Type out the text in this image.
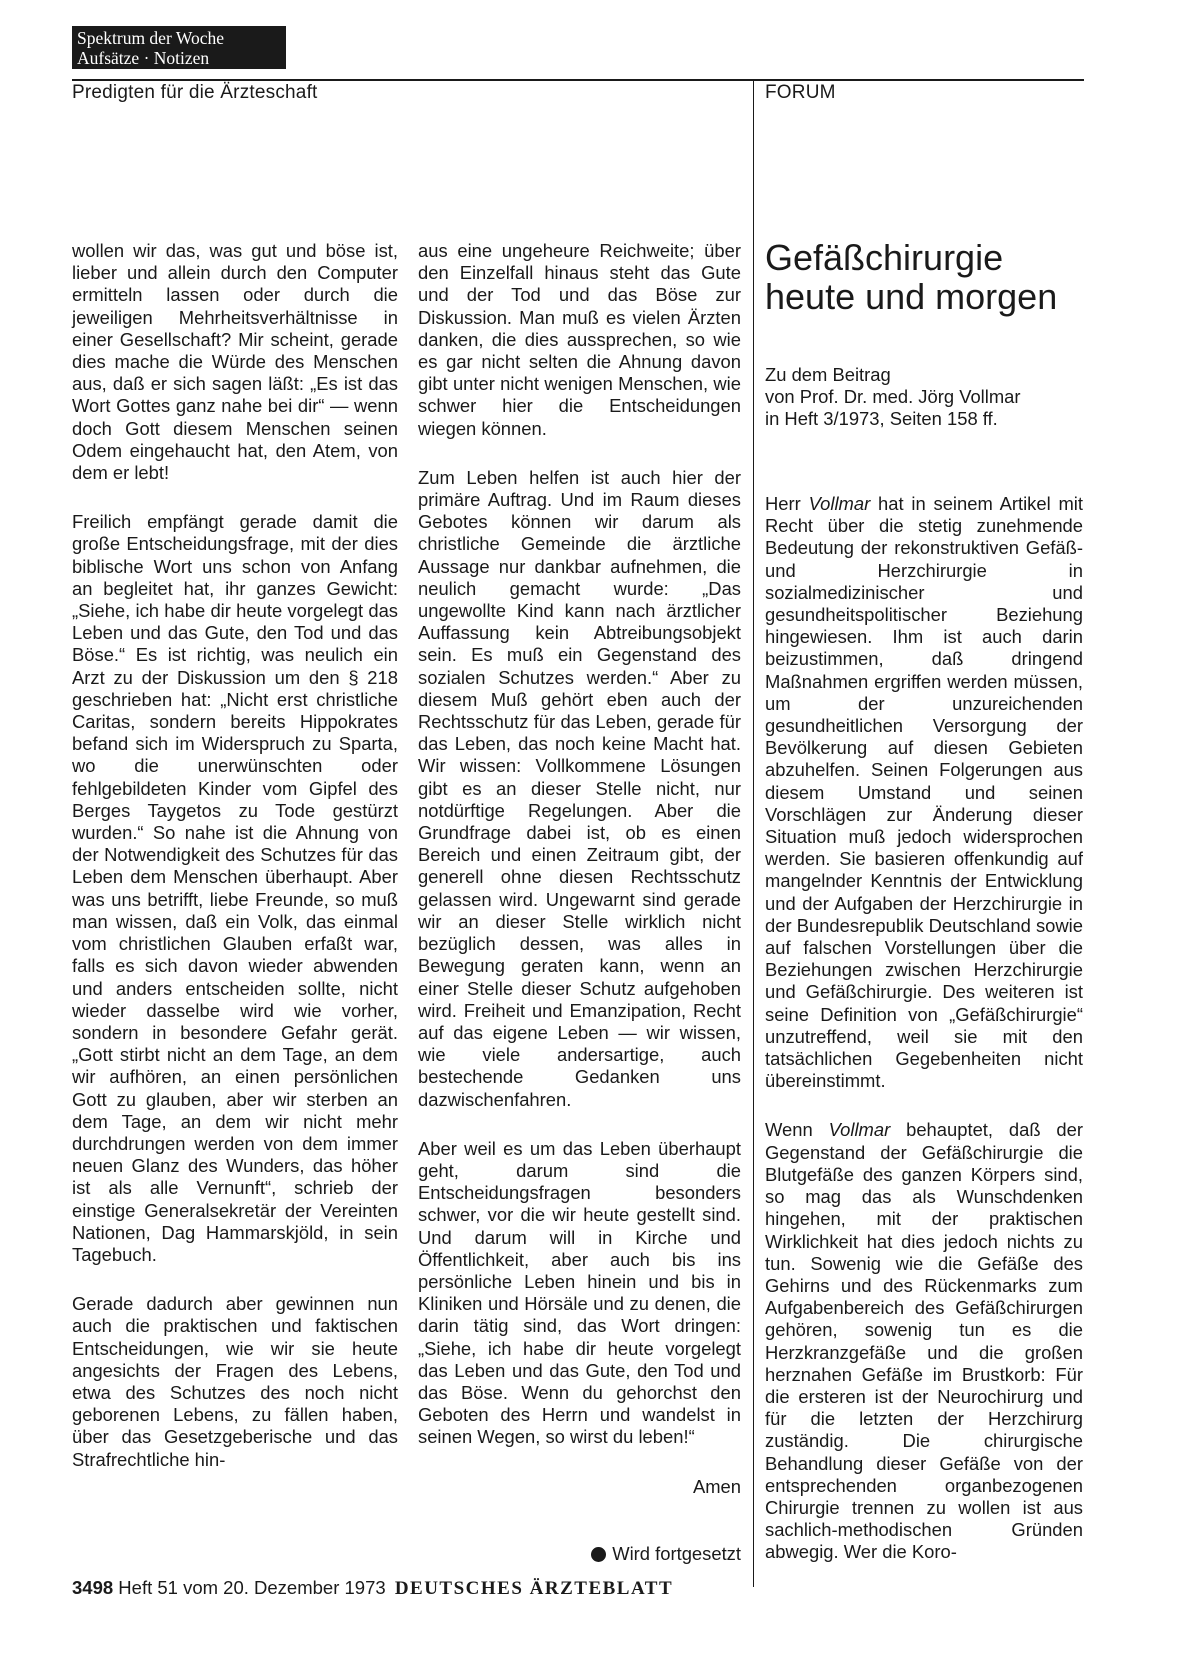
Spektrum der Woche
Aufsätze · Notizen
Predigten für die Ärzteschaft	FORUM

wollen wir das, was gut und böse ist, lieber und allein durch den Computer ermitteln lassen oder durch die jeweiligen Mehrheitsverhältnisse in einer Gesellschaft? Mir scheint, gerade dies mache die Würde des Menschen aus, daß er sich sagen läßt: „Es ist das Wort Gottes ganz nahe bei dir“ — wenn doch Gott diesem Menschen seinen Odem eingehaucht hat, den Atem, von dem er lebt!

Freilich empfängt gerade damit die große Entscheidungsfrage, mit der dies biblische Wort uns schon von Anfang an begleitet hat, ihr ganzes Gewicht: „Siehe, ich habe dir heute vorgelegt das Leben und das Gute, den Tod und das Böse.“ Es ist richtig, was neulich ein Arzt zu der Diskussion um den § 218 geschrieben hat: „Nicht erst christliche Caritas, sondern bereits Hippokrates befand sich im Widerspruch zu Sparta, wo die unerwünschten oder fehlgebildeten Kinder vom Gipfel des Berges Taygetos zu Tode gestürzt wurden.“ So nahe ist die Ahnung von der Notwendigkeit des Schutzes für das Leben dem Menschen überhaupt. Aber was uns betrifft, liebe Freunde, so muß man wissen, daß ein Volk, das einmal vom christlichen Glauben erfaßt war, falls es sich davon wieder abwenden und anders entscheiden sollte, nicht wieder dasselbe wird wie vorher, sondern in besondere Gefahr gerät. „Gott stirbt nicht an dem Tage, an dem wir aufhören, an einen persönlichen Gott zu glauben, aber wir sterben an dem Tage, an dem wir nicht mehr durchdrungen werden von dem immer neuen Glanz des Wunders, das höher ist als alle Vernunft“, schrieb der einstige Generalsekretär der Vereinten Nationen, Dag Hammarskjöld, in sein Tagebuch.

Gerade dadurch aber gewinnen nun auch die praktischen und faktischen Entscheidungen, wie wir sie heute angesichts der Fragen des Lebens, etwa des Schutzes des noch nicht geborenen Lebens, zu fällen haben, über das Gesetzgeberische und das Strafrechtliche hin-

aus eine ungeheure Reichweite; über den Einzelfall hinaus steht das Gute und der Tod und das Böse zur Diskussion. Man muß es vielen Ärzten danken, die dies aussprechen, so wie es gar nicht selten die Ahnung davon gibt unter nicht wenigen Menschen, wie schwer hier die Entscheidungen wiegen können.

Zum Leben helfen ist auch hier der primäre Auftrag. Und im Raum dieses Gebotes können wir darum als christliche Gemeinde die ärztliche Aussage nur dankbar aufnehmen, die neulich gemacht wurde: „Das ungewollte Kind kann nach ärztlicher Auffassung kein Abtreibungsobjekt sein. Es muß ein Gegenstand des sozialen Schutzes werden.“ Aber zu diesem Muß gehört eben auch der Rechtsschutz für das Leben, gerade für das Leben, das noch keine Macht hat. Wir wissen: Vollkommene Lösungen gibt es an dieser Stelle nicht, nur notdürftige Regelungen. Aber die Grundfrage dabei ist, ob es einen Bereich und einen Zeitraum gibt, der generell ohne diesen Rechtsschutz gelassen wird. Ungewarnt sind gerade wir an dieser Stelle wirklich nicht bezüglich dessen, was alles in Bewegung geraten kann, wenn an einer Stelle dieser Schutz aufgehoben wird. Freiheit und Emanzipation, Recht auf das eigene Leben — wir wissen, wie viele andersartige, auch bestechende Gedanken uns dazwischenfahren.

Aber weil es um das Leben überhaupt geht, darum sind die Entscheidungsfragen besonders schwer, vor die wir heute gestellt sind. Und darum will in Kirche und Öffentlichkeit, aber auch bis ins persönliche Leben hinein und bis in Kliniken und Hörsäle und zu denen, die darin tätig sind, das Wort dringen: „Siehe, ich habe dir heute vorgelegt das Leben und das Gute, den Tod und das Böse. Wenn du gehorchst den Geboten des Herrn und wandelst in seinen Wegen, so wirst du leben!“

Amen
Wird fortgesetzt
Gefäßchirurgie
heute und morgen
Zu dem Beitrag
von Prof. Dr. med. Jörg Vollmar
in Heft 3/1973, Seiten 158 ff.

Herr Vollmar hat in seinem Artikel mit Recht über die stetig zunehmende Bedeutung der rekonstruktiven Gefäß- und Herzchirurgie in sozialmedizinischer und gesundheitspolitischer Beziehung hingewiesen. Ihm ist auch darin beizustimmen, daß dringend Maßnahmen ergriffen werden müssen, um der unzureichenden gesundheitlichen Versorgung der Bevölkerung auf diesen Gebieten abzuhelfen. Seinen Folgerungen aus diesem Umstand und seinen Vorschlägen zur Änderung dieser Situation muß jedoch widersprochen werden. Sie basieren offenkundig auf mangelnder Kenntnis der Entwicklung und der Aufgaben der Herzchirurgie in der Bundesrepublik Deutschland sowie auf falschen Vorstellungen über die Beziehungen zwischen Herzchirurgie und Gefäßchirurgie. Des weiteren ist seine Definition von „Gefäßchirurgie“ unzutreffend, weil sie mit den tatsächlichen Gegebenheiten nicht übereinstimmt.

Wenn Vollmar behauptet, daß der Gegenstand der Gefäßchirurgie die Blutgefäße des ganzen Körpers sind, so mag das als Wunschdenken hingehen, mit der praktischen Wirklichkeit hat dies jedoch nichts zu tun. Sowenig wie die Gefäße des Gehirns und des Rückenmarks zum Aufgabenbereich des Gefäßchirurgen gehören, sowenig tun es die Herzkranzgefäße und die großen herznahen Gefäße im Brustkorb: Für die ersteren ist der Neurochirurg und für die letzten der Herzchirurg zuständig. Die chirurgische Behandlung dieser Gefäße von der entsprechenden organbezogenen Chirurgie trennen zu wollen ist aus sachlich-methodischen Gründen abwegig. Wer die Koro-

3498 Heft 51 vom 20. Dezember 1973 DEUTSCHES ÄRZTEBLATT
